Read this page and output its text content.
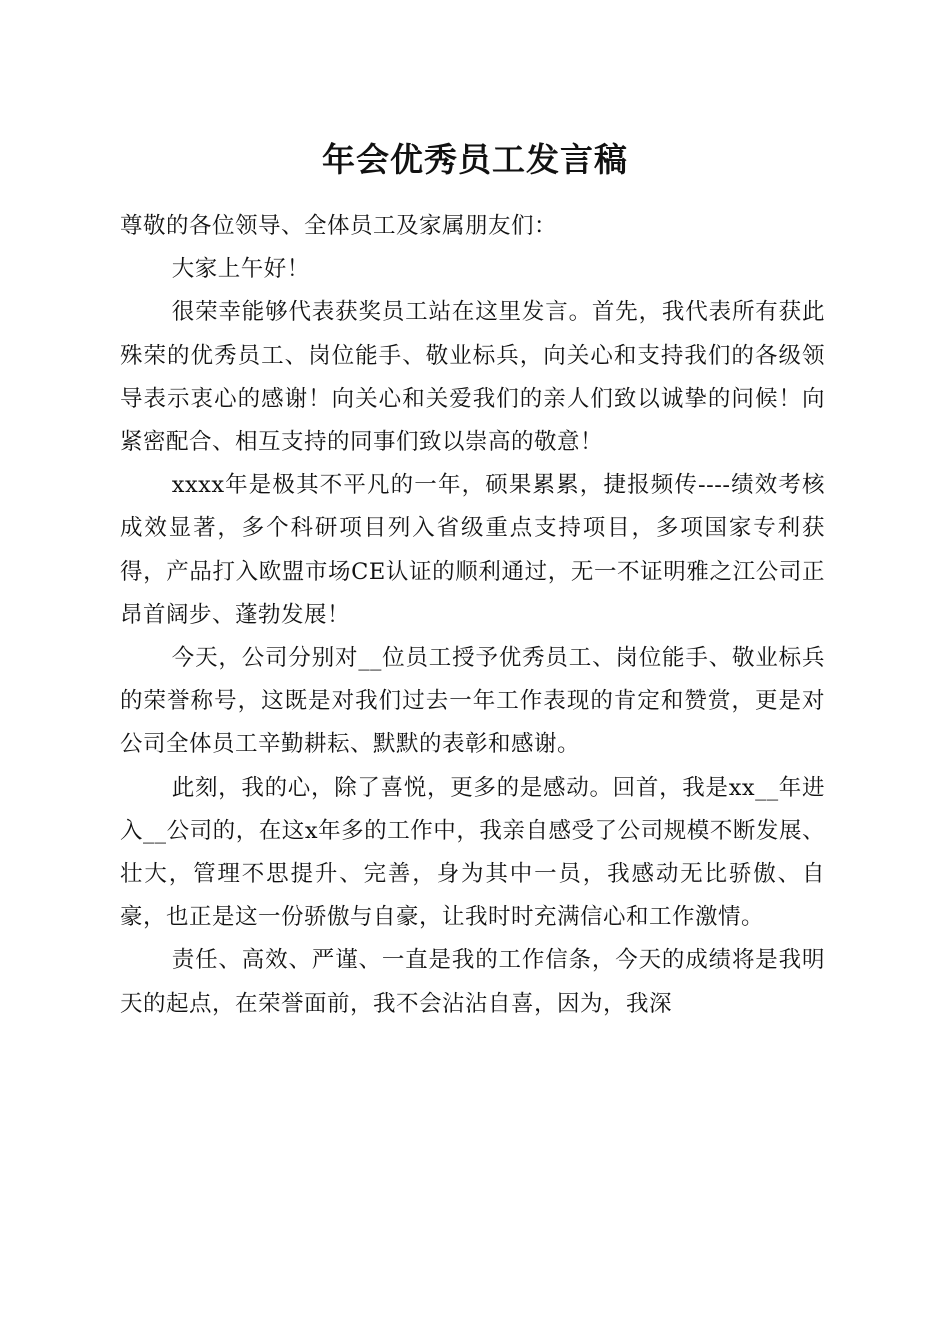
年会优秀员工发言稿

尊敬的各位领导、全体员工及家属朋友们：

大家上午好！

很荣幸能够代表获奖员工站在这里发言。首先，我代表所有获此殊荣的优秀员工、岗位能手、敬业标兵，向关心和支持我们的各级领导表示衷心的感谢！向关心和关爱我们的亲人们致以诚挚的问候！向紧密配合、相互支持的同事们致以崇高的敬意！

xxxx年是极其不平凡的一年，硕果累累，捷报频传----绩效考核成效显著，多个科研项目列入省级重点支持项目，多项国家专利获得，产品打入欧盟市场CE认证的顺利通过，无一不证明雅之江公司正昂首阔步、蓬勃发展！

今天，公司分别对__位员工授予优秀员工、岗位能手、敬业标兵的荣誉称号，这既是对我们过去一年工作表现的肯定和赞赏，更是对公司全体员工辛勤耕耘、默默的表彰和感谢。

此刻，我的心，除了喜悦，更多的是感动。回首，我是xx__年进入__公司的，在这x年多的工作中，我亲自感受了公司规模不断发展、壮大，管理不思提升、完善，身为其中一员，我感动无比骄傲、自豪，也正是这一份骄傲与自豪，让我时时充满信心和工作激情。

责任、高效、严谨、一直是我的工作信条，今天的成绩将是我明天的起点，在荣誉面前，我不会沾沾自喜，因为，我深
